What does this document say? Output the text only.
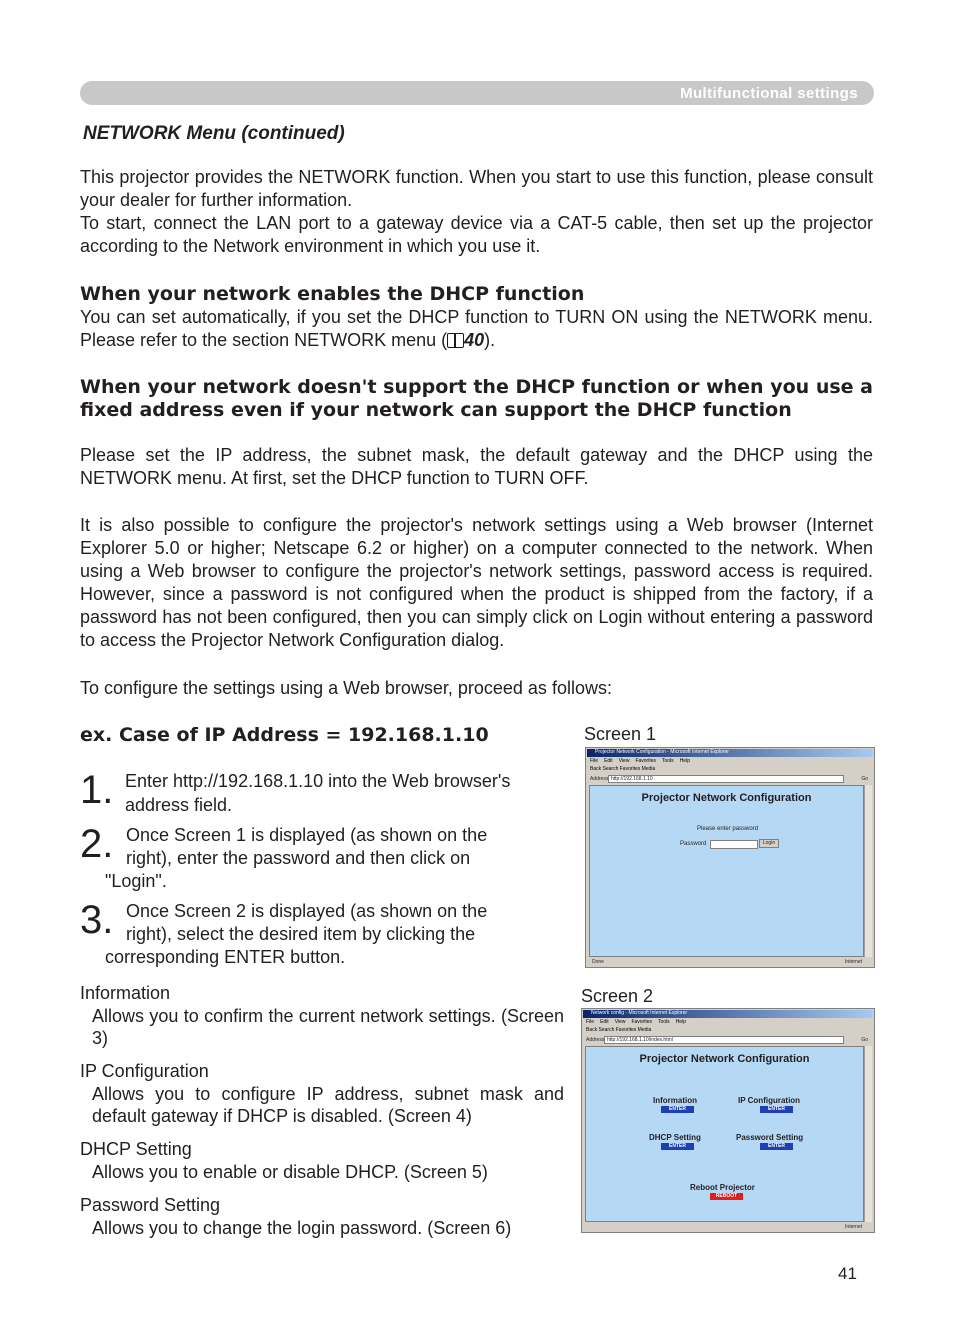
Multifunctional settings
NETWORK Menu (continued)

This projector provides the NETWORK function. When you start to use this function, please consult your dealer for further information.

To start, connect the LAN port to a gateway device via a CAT-5 cable, then set up the projector according to the Network environment in which you use it.

When your network enables the DHCP function
You can set automatically, if you set the DHCP function to TURN ON using the NETWORK menu. Please refer to the section NETWORK menu ( 40).
When your network doesn't support the DHCP function or when you use a fixed address even if your network can support the DHCP function
Please set the IP address, the subnet mask, the default gateway and the DHCP using the NETWORK menu. At first, set the DHCP function to TURN OFF.
It is also possible to configure the projector's network settings using a Web browser (Internet Explorer 5.0 or higher; Netscape 6.2 or higher) on a computer connected to the network. When using a Web browser to configure the projector's network settings, password access is required. However, since a password is not configured when the product is shipped from the factory, if a password has not been configured, then you can simply click on Login without entering a password to access the Projector Network Configuration dialog.
To configure the settings using a Web browser, proceed as follows:
ex. Case of IP Address = 192.168.1.10
1. Enter http://192.168.1.10 into the Web browser's
address field.
2. Once Screen 1 is displayed (as shown on the
right), enter the password and then click on
"Login".
3. Once Screen 2 is displayed (as shown on the
right), select the desired item by clicking the
corresponding ENTER button.
Information
Allows you to confirm the current network settings. (Screen 3)
IP Configuration
Allows you to configure IP address, subnet mask and default gateway if DHCP is disabled. (Screen 4)
DHCP Setting
Allows you to enable or disable DHCP. (Screen 5)
Password Setting
Allows you to change the login password. (Screen 6)
Screen 1
Projector Network Configuration - Microsoft Internet Explorer
File Edit View Favorites Tools Help
Back Search Favorites Media
Address http://192.168.1.10	Go
Projector Network Configuration
Please enter password
Password	Login
Done	Internet
Screen 2
Network config - Microsoft Internet Explorer
File Edit View Favorites Tools Help
Back Search Favorites Media
Address http://192.168.1.10/index.html	Go
Projector Network Configuration
Information
ENTER
IP Configuration
ENTER
DHCP Setting
ENTER
Password Setting
ENTER
Reboot Projector
REBOOT
Internet
41
